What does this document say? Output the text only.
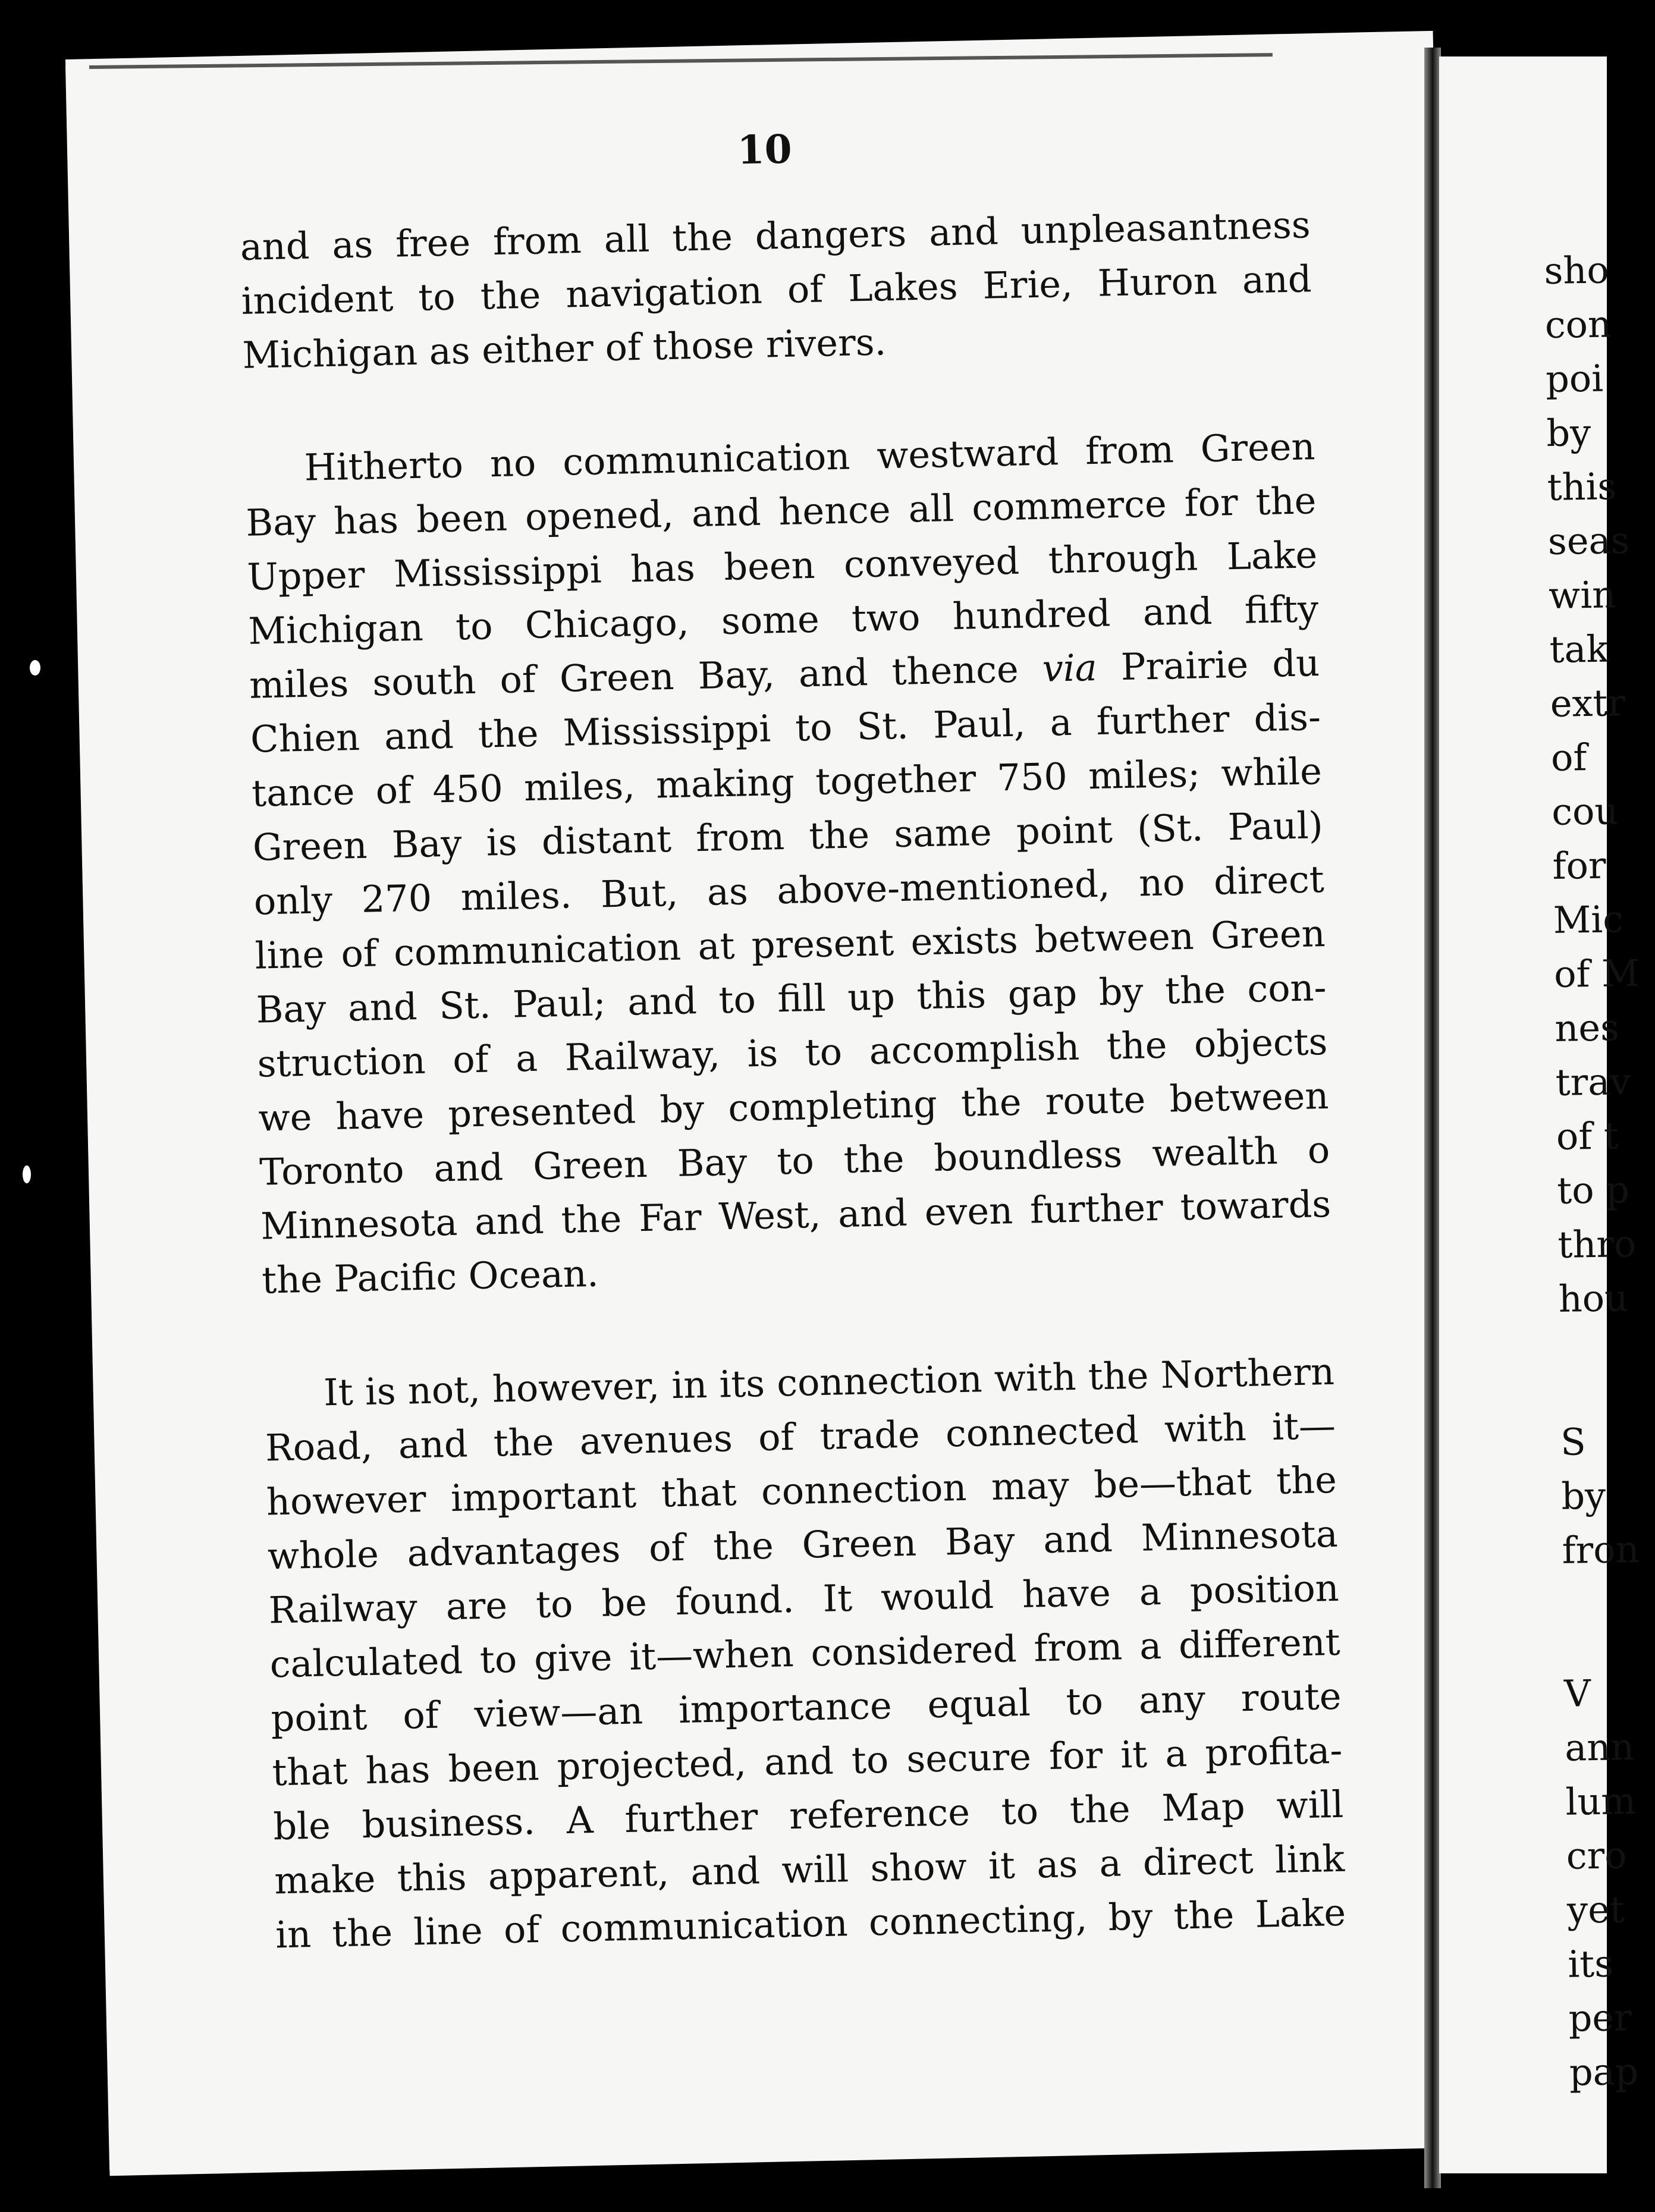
10
and as free from all the dangers and unpleasantness
incident to the navigation of Lakes Erie, Huron and
Michigan as either of those rivers.
Hitherto no communication westward from Green
Bay has been opened, and hence all commerce for the
Upper Mississippi has been conveyed through Lake
Michigan to Chicago, some two hundred and fifty
miles south of Green Bay, and thence via Prairie du
Chien and the Mississippi to St. Paul, a further dis-
tance of 450 miles, making together 750 miles; while
Green Bay is distant from the same point (St. Paul)
only 270 miles. But, as above-mentioned, no direct
line of communication at present exists between Green
Bay and St. Paul; and to fill up this gap by the con-
struction of a Railway, is to accomplish the objects
we have presented by completing the route between
Toronto and Green Bay to the boundless wealth o
Minnesota and the Far West, and even further towards
the Pacific Ocean.
It is not, however, in its connection with the Northern
Road, and the avenues of trade connected with it—
however important that connection may be—that the
whole advantages of the Green Bay and Minnesota
Railway are to be found. It would have a position
calculated to give it—when considered from a different
point of view—an importance equal to any route
that has been projected, and to secure for it a profita-
ble business. A further reference to the Map will
make this apparent, and will show it as a direct link
in the line of communication connecting, by the Lake
sho
con
poi
by
this
seas
win
tak
extr
of
cou
for
Mic
of M
nes
trav
of t
to p
thro
hou
S
by
fron
V
ann
lum
cro
yet
its
per
pap
